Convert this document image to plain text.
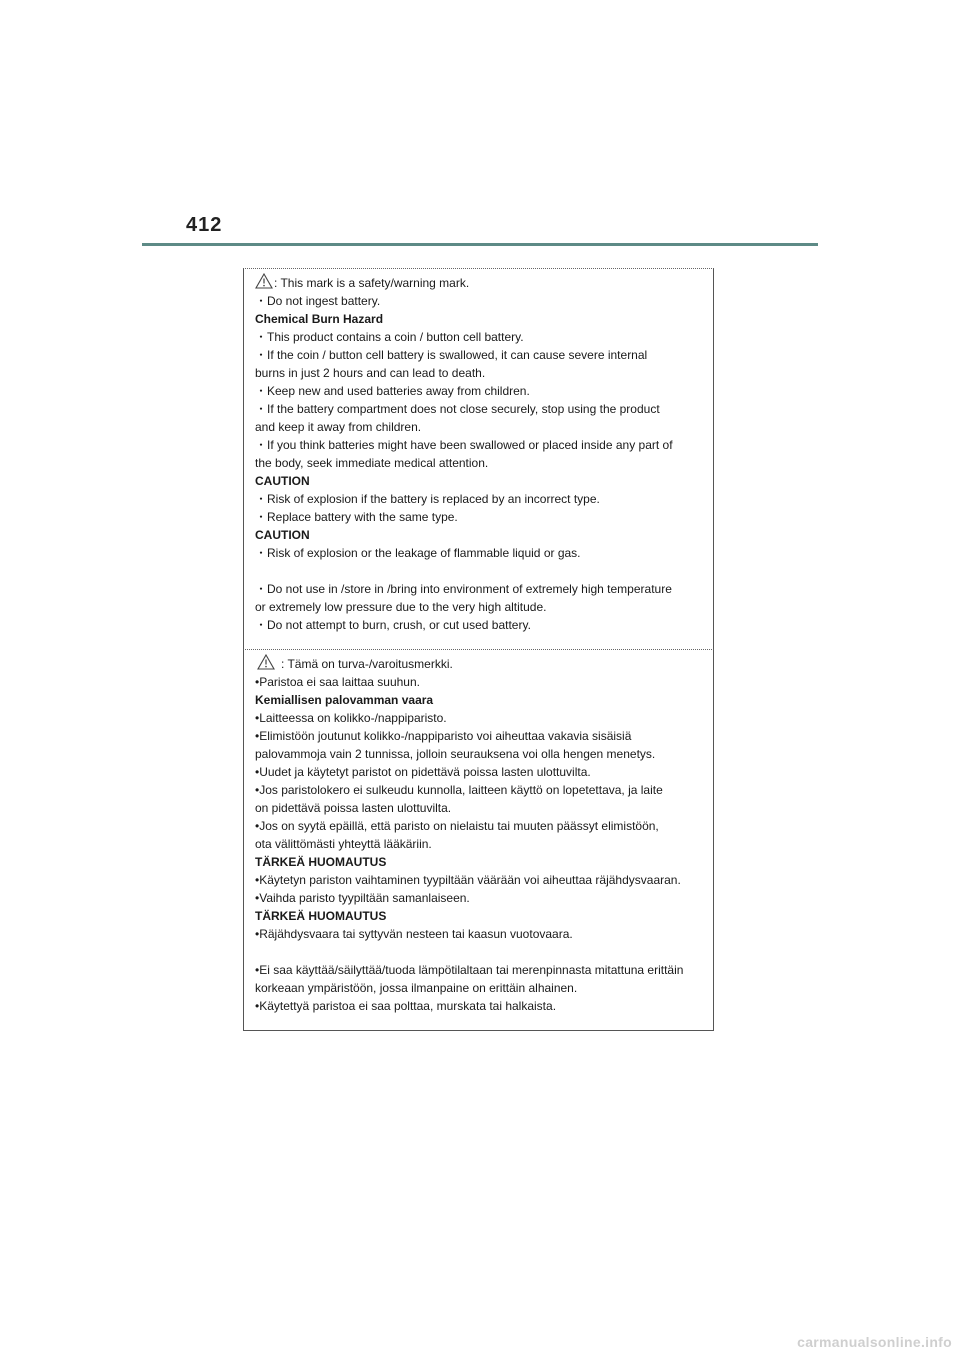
412
: This mark is a safety/warning mark.
・Do not ingest battery.
Chemical Burn Hazard
・This product contains a coin / button cell battery.
・If the coin / button cell battery is swallowed, it can cause severe internal
burns in just 2 hours and can lead to death.
・Keep new and used batteries away from children.
・If the battery compartment does not close securely, stop using the product
and keep it away from children.
・If you think batteries might have been swallowed or placed inside any part of
the body, seek immediate medical attention.
CAUTION
・Risk of explosion if the battery is replaced by an incorrect type.
・Replace battery with the same type.
CAUTION
・Risk of explosion or the leakage of flammable liquid or gas.
・Do not use in /store in /bring into environment of extremely high temperature
or extremely low pressure due to the very high altitude.
・Do not attempt to burn, crush, or cut used battery.
: Tämä on turva-/varoitusmerkki.
•Paristoa ei saa laittaa suuhun.
Kemiallisen palovamman vaara
•Laitteessa on kolikko-/nappiparisto.
•Elimistöön joutunut kolikko-/nappiparisto voi aiheuttaa vakavia sisäisiä
palovammoja vain 2 tunnissa, jolloin seurauksena voi olla hengen menetys.
•Uudet ja käytetyt paristot on pidettävä poissa lasten ulottuvilta.
•Jos paristolokero ei sulkeudu kunnolla, laitteen käyttö on lopetettava, ja laite
on pidettävä poissa lasten ulottuvilta.
•Jos on syytä epäillä, että paristo on nielaistu tai muuten päässyt elimistöön,
ota välittömästi yhteyttä lääkäriin.
TÄRKEÄ HUOMAUTUS
•Käytetyn pariston vaihtaminen tyypiltään väärään voi aiheuttaa räjähdysvaaran.
•Vaihda paristo tyypiltään samanlaiseen.
TÄRKEÄ HUOMAUTUS
•Räjähdysvaara tai syttyvän nesteen tai kaasun vuotovaara.
•Ei saa käyttää/säilyttää/tuoda lämpötilaltaan tai merenpinnasta mitattuna erittäin
korkeaan ympäristöön, jossa ilmanpaine on erittäin alhainen.
•Käytettyä paristoa ei saa polttaa, murskata tai halkaista.
carmanualsonline.info
